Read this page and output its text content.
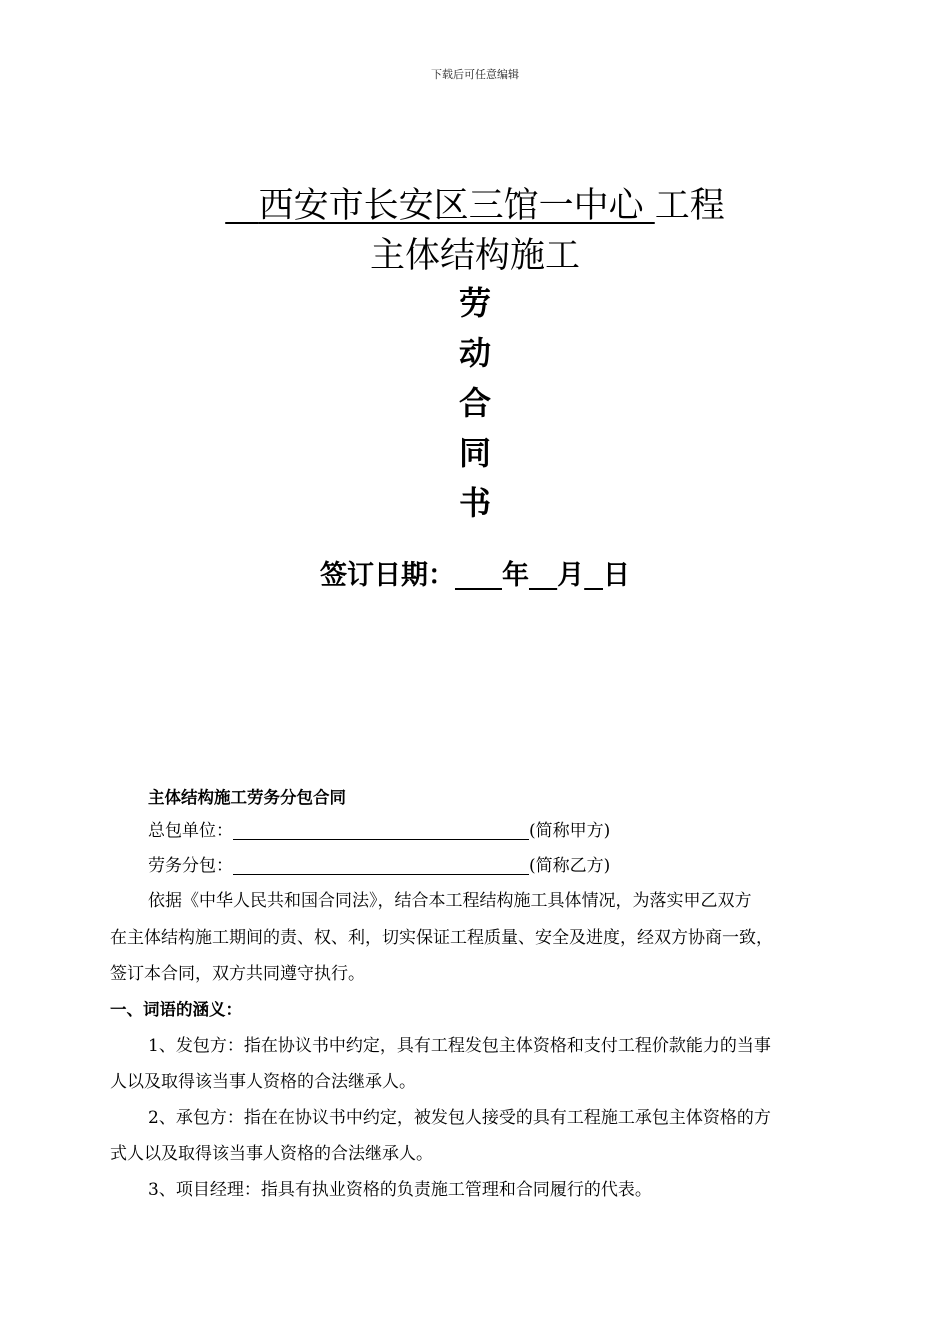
下载后可任意编辑
西安市长安区三馆一中心 工程
主体结构施工
劳
动
合
同
书
签订日期： 年 月 日
主体结构施工劳务分包合同
总包单位：	(简称甲方)
劳务分包：	(简称乙方)
依据《中华人民共和国合同法》，结合本工程结构施工具体情况，为落实甲乙双方
在主体结构施工期间的责、权、利，切实保证工程质量、安全及进度，经双方协商一致，
签订本合同，双方共同遵守执行。
一、词语的涵义：
1、发包方：指在协议书中约定，具有工程发包主体资格和支付工程价款能力的当事
人以及取得该当事人资格的合法继承人。
2、承包方：指在在协议书中约定，被发包人接受的具有工程施工承包主体资格的方
式人以及取得该当事人资格的合法继承人。
3、项目经理：指具有执业资格的负责施工管理和合同履行的代表。
